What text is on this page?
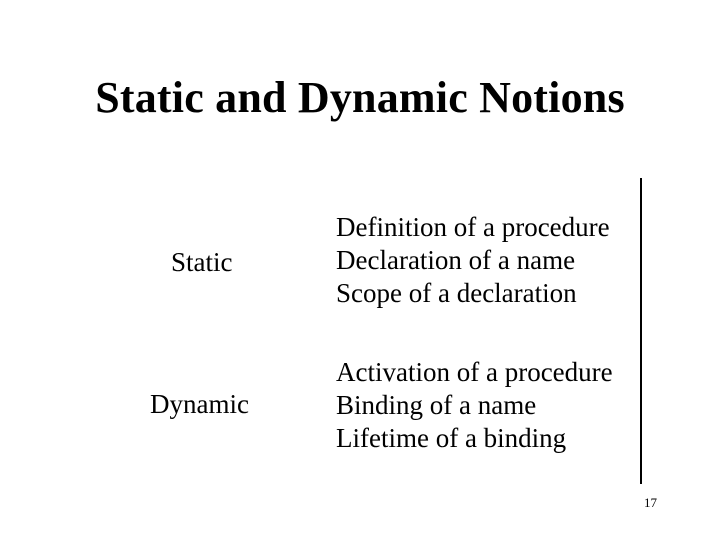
Static and Dynamic Notions
Static
Definition of a procedure
Declaration of a name
Scope of a declaration
Dynamic
Activation of a procedure
Binding of a name
Lifetime of a binding
17
